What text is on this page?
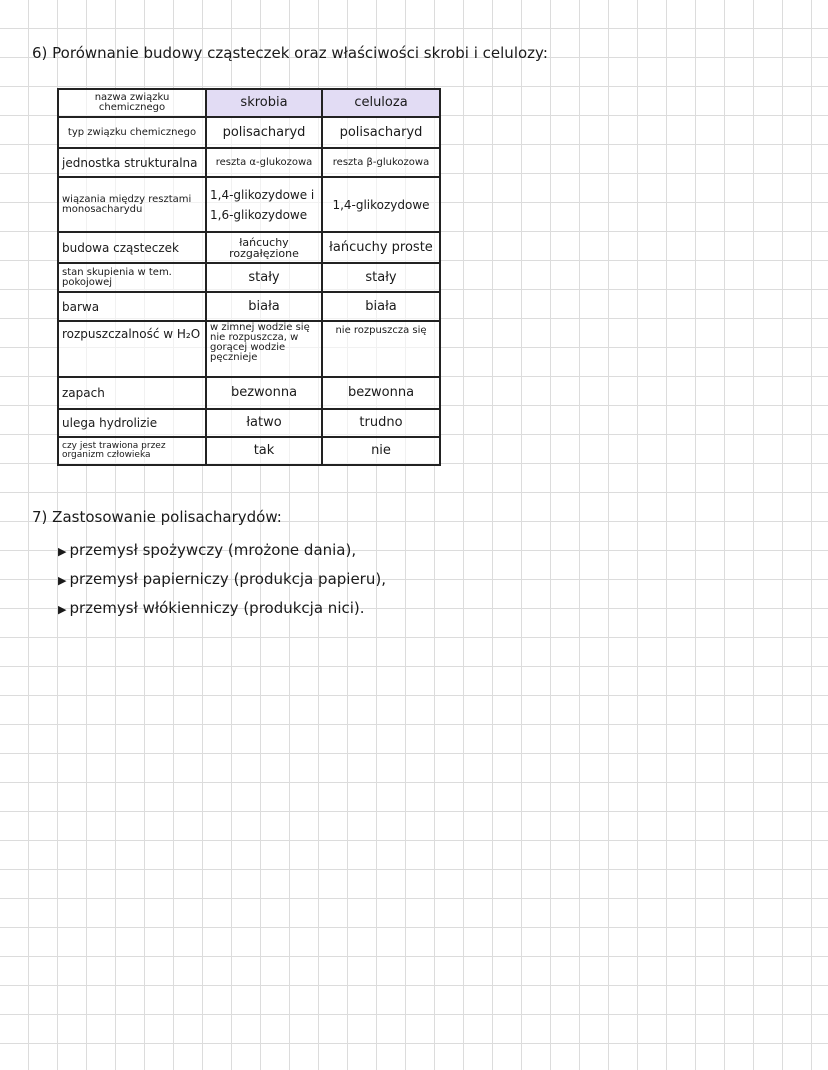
6) Porównanie budowy cząsteczek oraz właściwości skrobi i celulozy:
nazwa związku chemicznego	skrobia	celuloza
typ związku chemicznego	polisacharyd	polisacharyd
jednostka strukturalna	reszta α-glukozowa	reszta β-glukozowa
wiązania między resztami monosacharydu	1,4-glikozydowe i 1,6-glikozydowe	1,4-glikozydowe
budowa cząsteczek	łańcuchy rozgałęzione	łańcuchy proste
stan skupienia w tem. pokojowej	stały	stały
barwa	biała	biała
rozpuszczalność w H₂O	w zimnej wodzie się nie rozpuszcza, w gorącej wodzie pęcznieje	nie rozpuszcza się
zapach	bezwonna	bezwonna
ulega hydrolizie	łatwo	trudno
czy jest trawiona przez organizm człowieka	tak	nie
7) Zastosowanie polisacharydów:
▶ przemysł spożywczy (mrożone dania),
▶ przemysł papierniczy (produkcja papieru),
▶ przemysł włókienniczy (produkcja nici).
